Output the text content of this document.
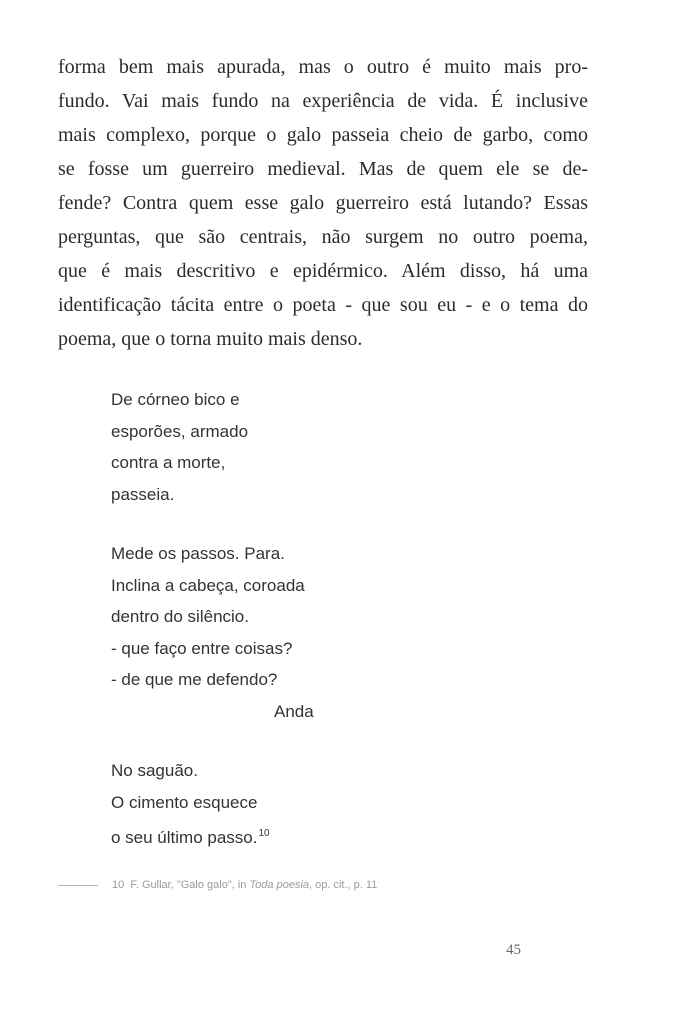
forma bem mais apurada, mas o outro é muito mais pro-
fundo. Vai mais fundo na experiência de vida. É inclusive
mais complexo, porque o galo passeia cheio de garbo, como
se fosse um guerreiro medieval. Mas de quem ele se de-
fende? Contra quem esse galo guerreiro está lutando? Essas
perguntas, que são centrais, não surgem no outro poema,
que é mais descritivo e epidérmico. Além disso, há uma
identificação tácita entre o poeta - que sou eu - e o tema do
poema, que o torna muito mais denso.
De córneo bico e
esporões, armado
contra a morte,
passeia.
Mede os passos. Para.
Inclina a cabeça, coroada
dentro do silêncio.
- que faço entre coisas?
- de que me defendo?
Anda
No saguão.
O cimento esquece
o seu último passo.$^{10}$
10 F. Gullar, "Galo galo", in Toda poesia, op. cit., p. 11
45
